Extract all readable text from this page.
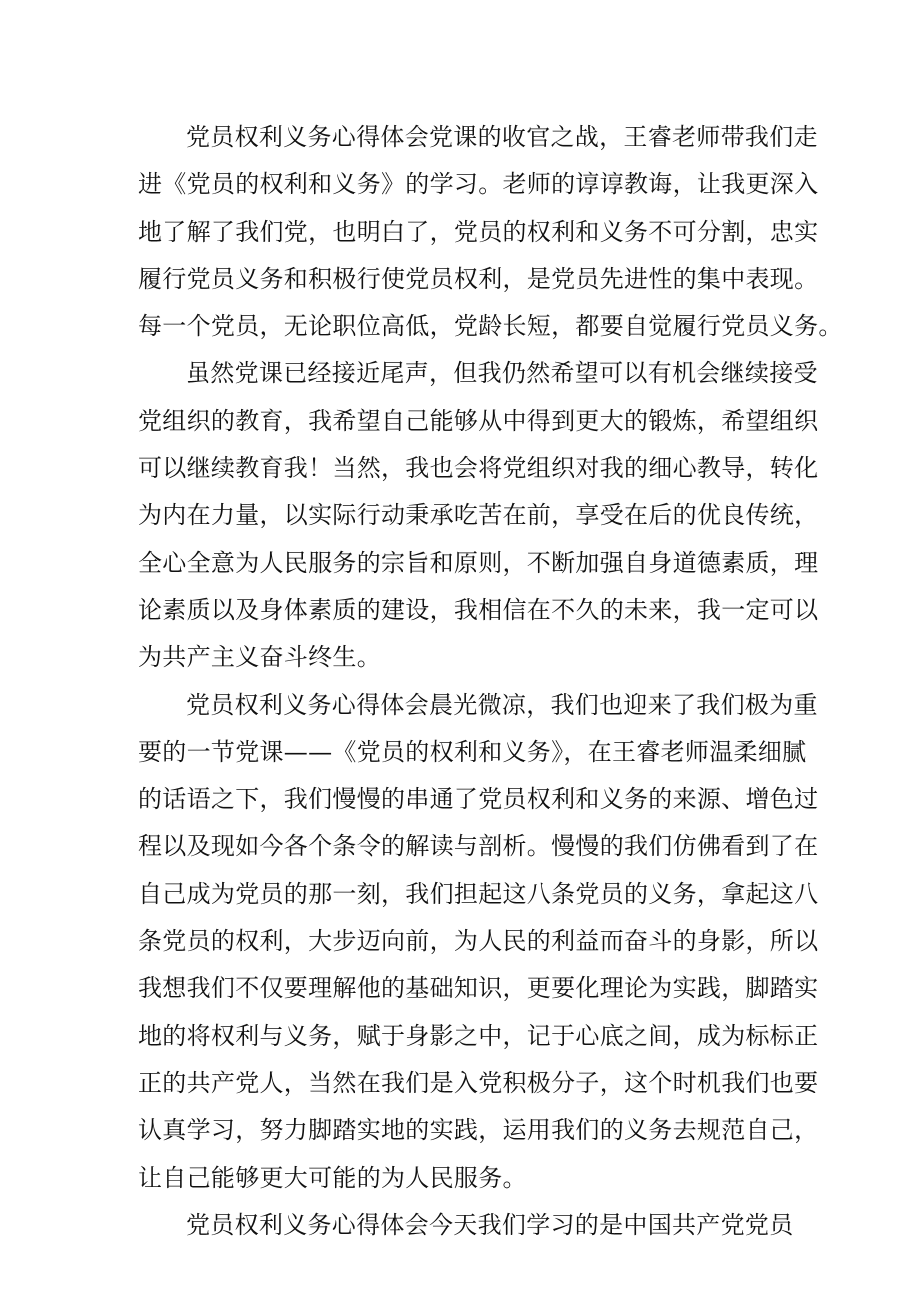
党员权利义务心得体会党课的收官之战，王睿老师带我们走
进《党员的权利和义务》的学习。老师的谆谆教诲，让我更深入
地了解了我们党，也明白了，党员的权利和义务不可分割，忠实
履行党员义务和积极行使党员权利，是党员先进性的集中表现。
每一个党员，无论职位高低，党龄长短，都要自觉履行党员义务。
虽然党课已经接近尾声，但我仍然希望可以有机会继续接受
党组织的教育，我希望自己能够从中得到更大的锻炼，希望组织
可以继续教育我！当然，我也会将党组织对我的细心教导，转化
为内在力量，以实际行动秉承吃苦在前，享受在后的优良传统，
全心全意为人民服务的宗旨和原则，不断加强自身道德素质，理
论素质以及身体素质的建设，我相信在不久的未来，我一定可以
为共产主义奋斗终生。
党员权利义务心得体会晨光微凉，我们也迎来了我们极为重
要的一节党课——《党员的权利和义务》，在王睿老师温柔细腻
的话语之下，我们慢慢的串通了党员权利和义务的来源、增色过
程以及现如今各个条令的解读与剖析。慢慢的我们仿佛看到了在
自己成为党员的那一刻，我们担起这八条党员的义务，拿起这八
条党员的权利，大步迈向前，为人民的利益而奋斗的身影，所以
我想我们不仅要理解他的基础知识，更要化理论为实践，脚踏实
地的将权利与义务，赋于身影之中，记于心底之间，成为标标正
正的共产党人，当然在我们是入党积极分子，这个时机我们也要
认真学习，努力脚踏实地的实践，运用我们的义务去规范自己，
让自己能够更大可能的为人民服务。
党员权利义务心得体会今天我们学习的是中国共产党党员
